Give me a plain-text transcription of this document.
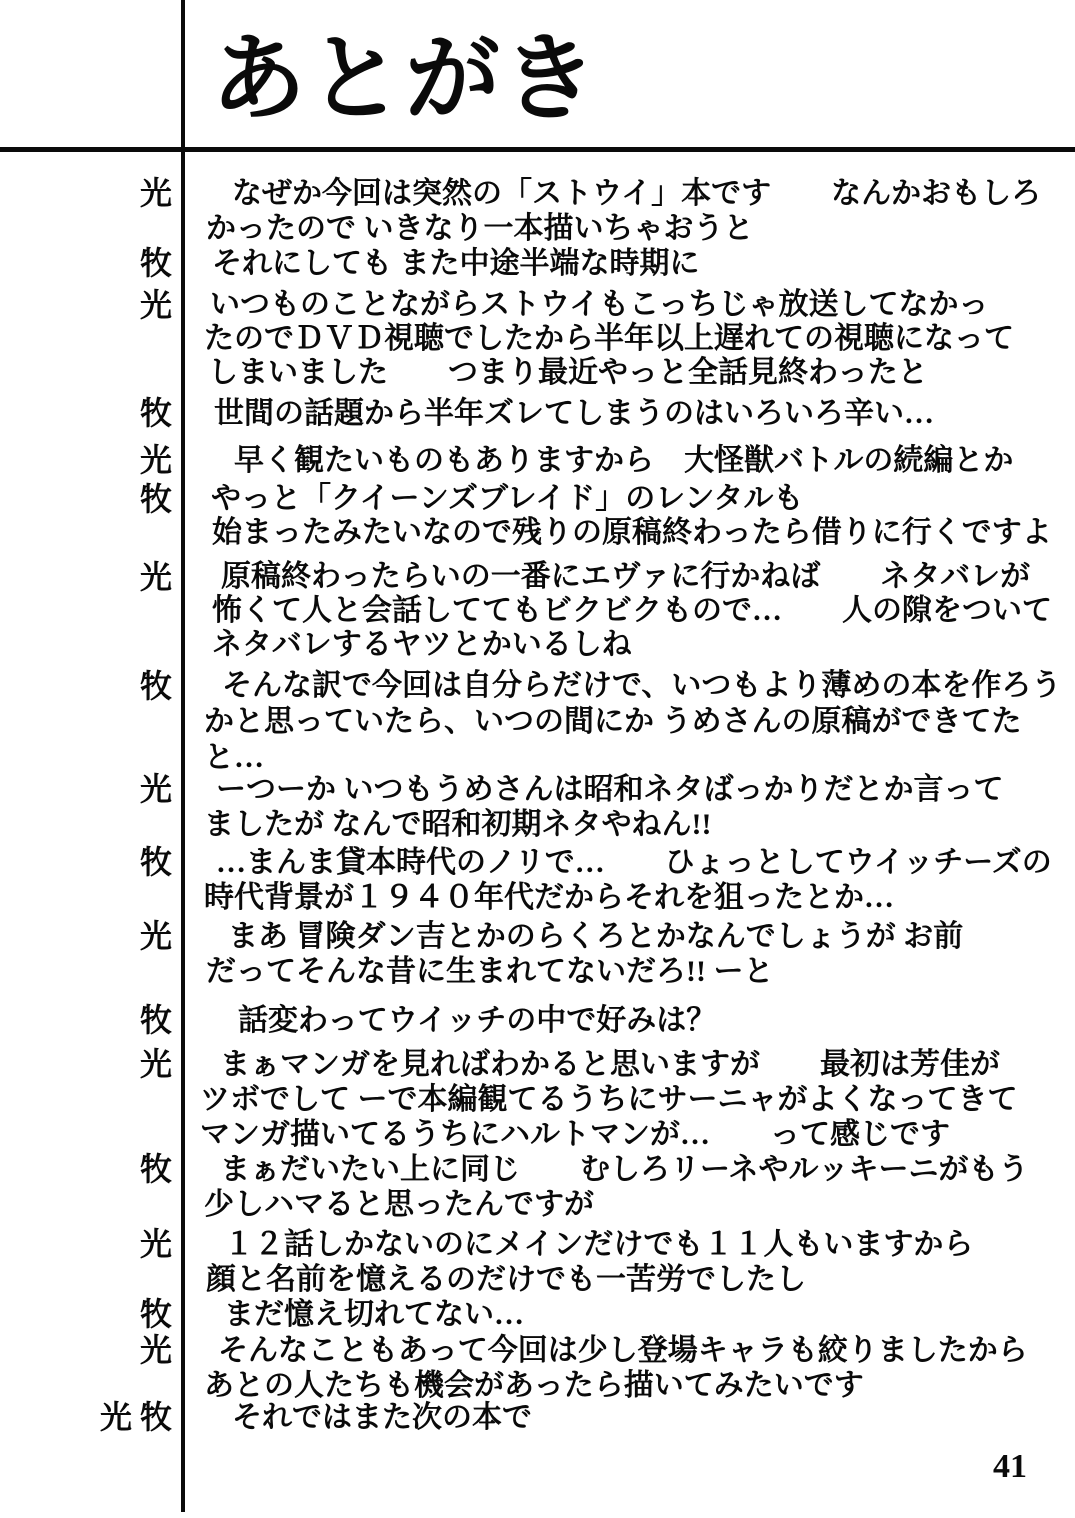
あとがき
光 なぜか今回は突然の「ストウイ」本です　　なんかおもしろ
かったので いきなり一本描いちゃおうと
牧 それにしても また中途半端な時期に
光 いつものことながらストウイもこっちじゃ放送してなかっ
たのでＤＶＤ視聴でしたから半年以上遅れての視聴になって
しまいました　　つまり最近やっと全話見終わったと
牧 世間の話題から半年ズレてしまうのはいろいろ辛い…
光 早く観たいものもありますから　大怪獣バトルの続編とか
牧 やっと「クイーンズブレイド」のレンタルも
始まったみたいなので残りの原稿終わったら借りに行くですよ
光 原稿終わったらいの一番にエヴァに行かねば　　ネタバレが
怖くて人と会話しててもビクビクもので…　　人の隙をついて
ネタバレするヤツとかいるしね
牧 そんな訳で今回は自分らだけで、いつもより薄めの本を作ろう
かと思っていたら、いつの間にか うめさんの原稿ができてた
と…
光 ーつーか いつもうめさんは昭和ネタばっかりだとか言って
ましたが なんで昭和初期ネタやねん!!
牧 …まんま貸本時代のノリで…　　ひょっとしてウイッチーズの
時代背景が１９４０年代だからそれを狙ったとか…
光 まあ 冒険ダン吉とかのらくろとかなんでしょうが お前
だってそんな昔に生まれてないだろ!! ーと
牧 話変わってウイッチの中で好みは？
光 まぁマンガを見ればわかると思いますが　　最初は芳佳が
ツボでして ーで本編観てるうちにサーニャがよくなってきて
マンガ描いてるうちにハルトマンが…　　って感じです
牧 まぁだいたい上に同じ　　むしろリーネやルッキーニがもう
少しハマると思ったんですが
光 １２話しかないのにメインだけでも１１人もいますから
顔と名前を憶えるのだけでも一苦労でしたし
牧 まだ憶え切れてない…
光 そんなこともあって今回は少し登場キャラも絞りましたから
あとの人たちも機会があったら描いてみたいです
光 牧 それではまた次の本で
41
